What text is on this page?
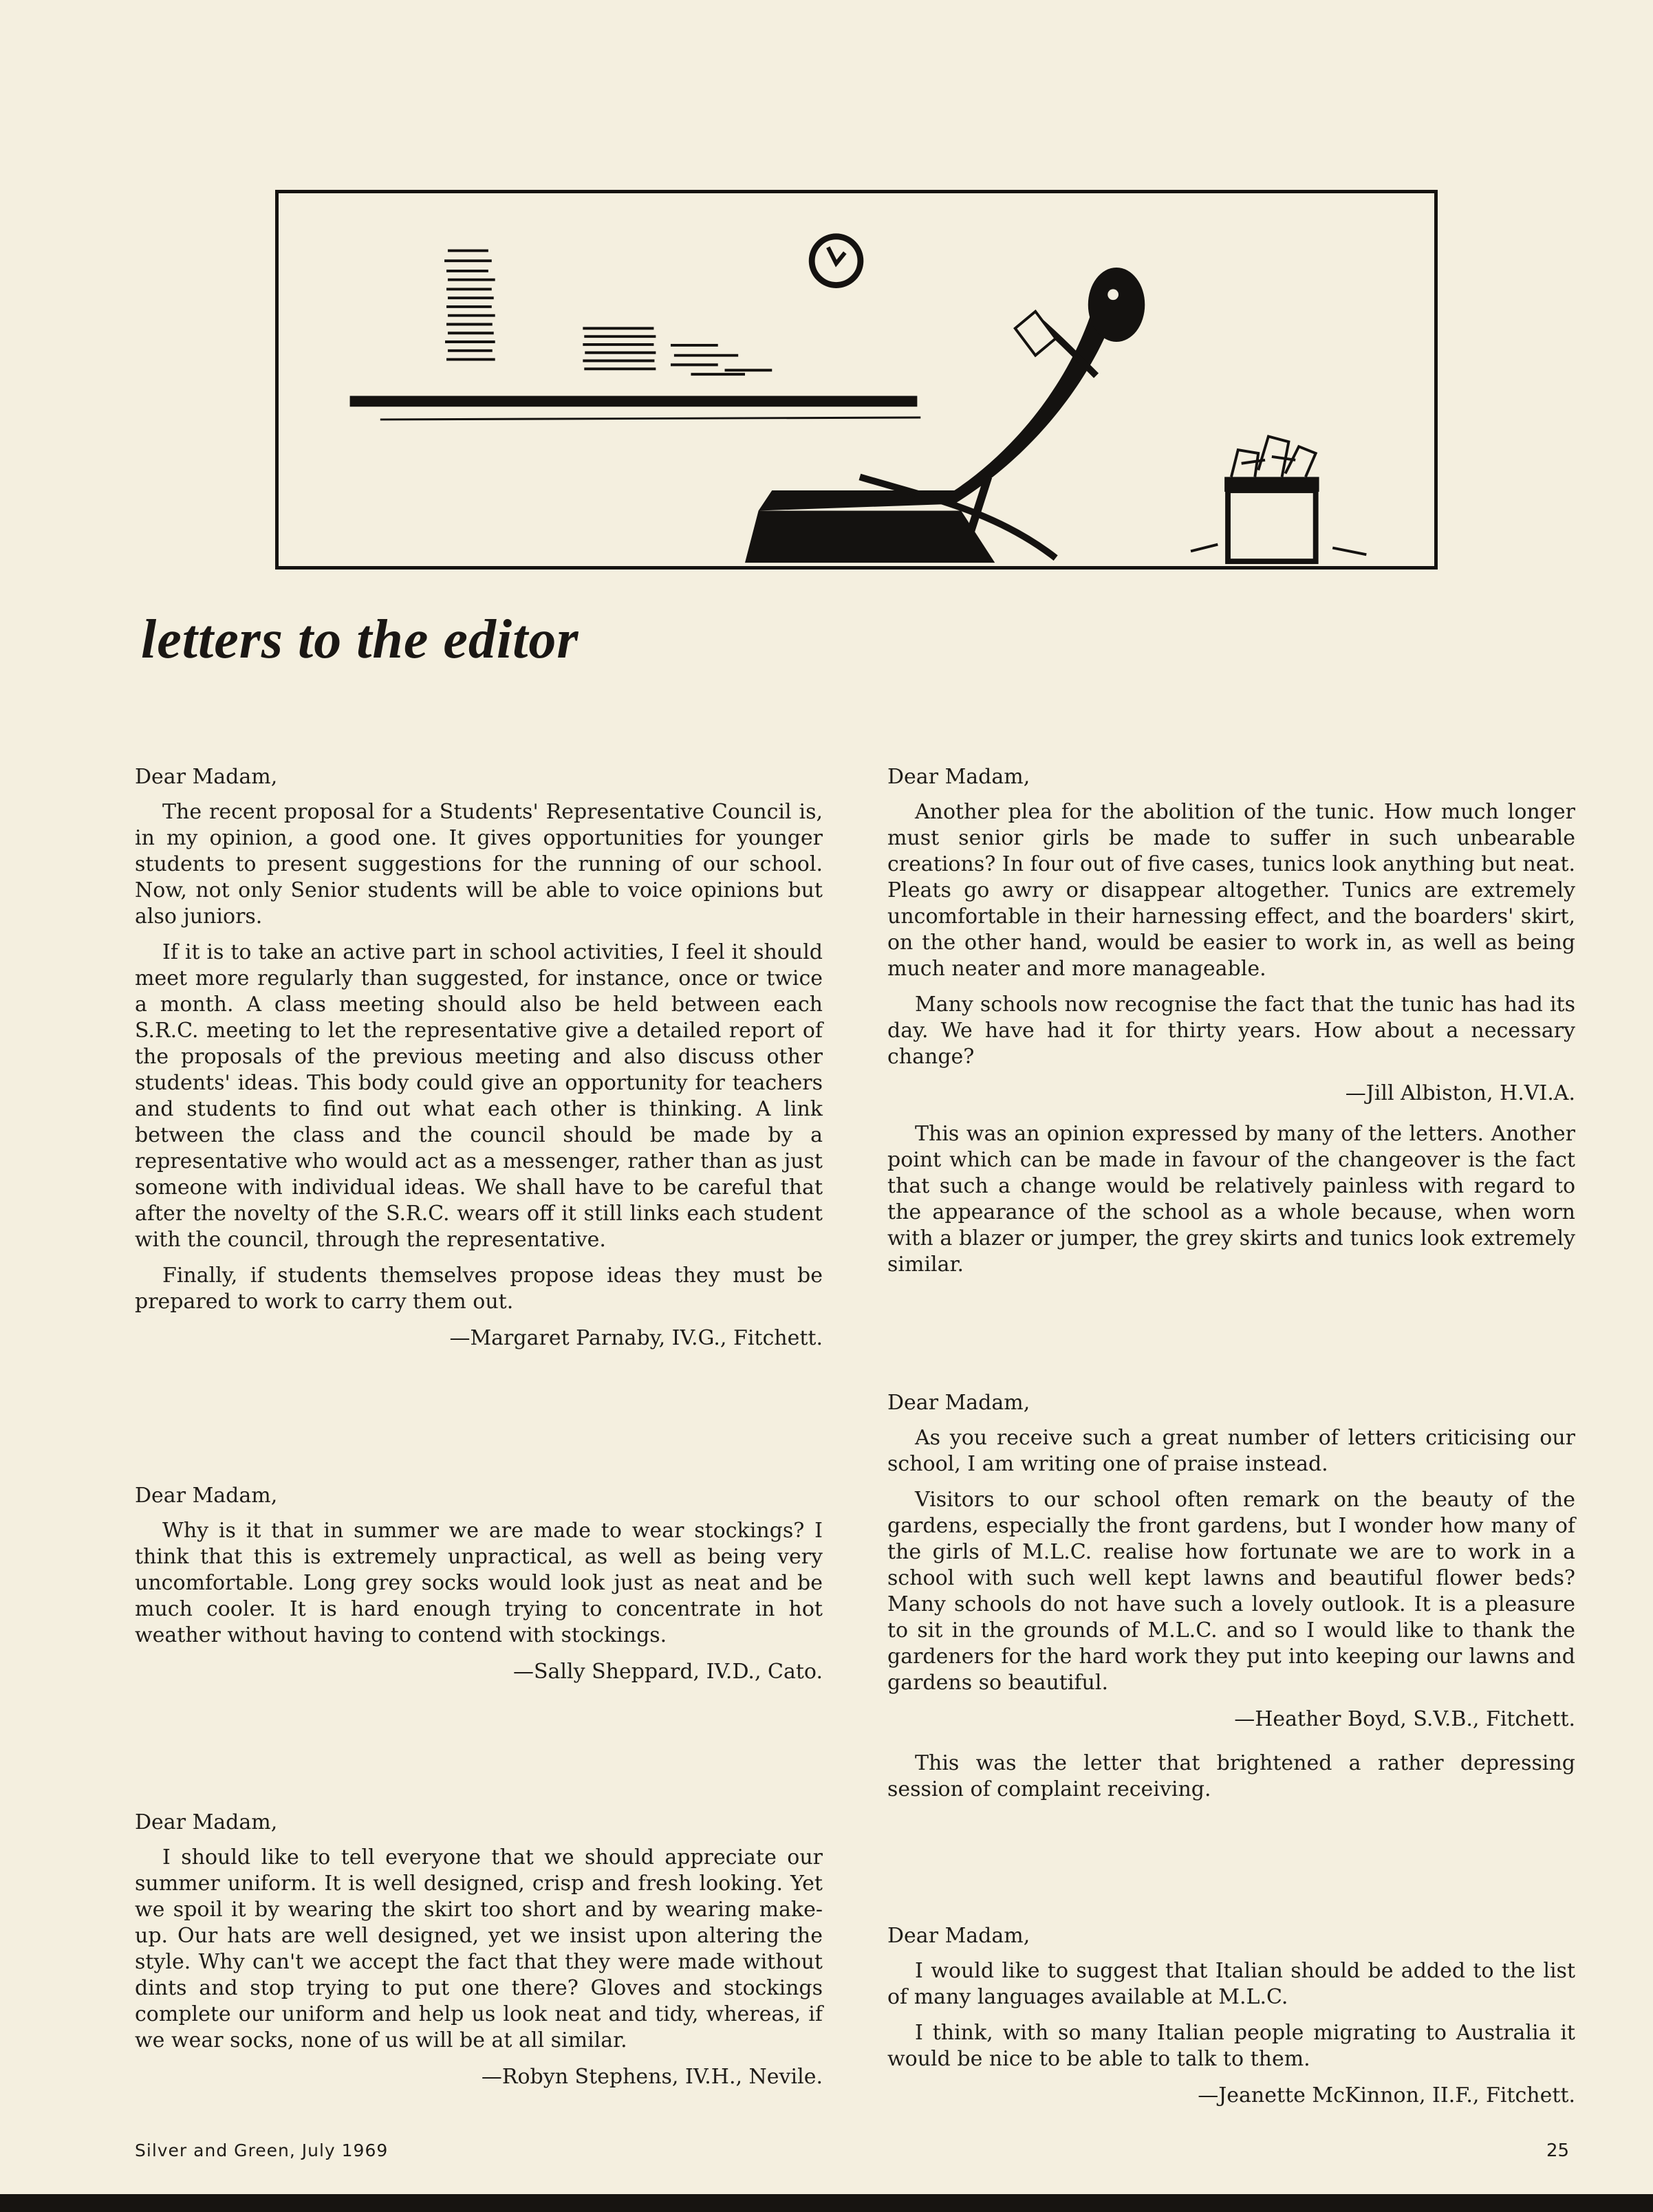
letters to the editor
Dear Madam,

The recent proposal for a Students' Representative Council is, in my opinion, a good one. It gives opportunities for younger students to present suggestions for the running of our school. Now, not only Senior students will be able to voice opinions but also juniors.

If it is to take an active part in school activities, I feel it should meet more regularly than suggested, for instance, once or twice a month. A class meeting should also be held between each S.R.C. meeting to let the representative give a detailed report of the proposals of the previous meeting and also discuss other students' ideas. This body could give an opportunity for teachers and students to find out what each other is thinking. A link between the class and the council should be made by a representative who would act as a messenger, rather than as just someone with individual ideas. We shall have to be careful that after the novelty of the S.R.C. wears off it still links each student with the council, through the representative.

Finally, if students themselves propose ideas they must be prepared to work to carry them out.

—Margaret Parnaby, IV.G., Fitchett.
Dear Madam,

Why is it that in summer we are made to wear stockings? I think that this is extremely unpractical, as well as being very uncomfortable. Long grey socks would look just as neat and be much cooler. It is hard enough trying to concentrate in hot weather without having to contend with stockings.

—Sally Sheppard, IV.D., Cato.
Dear Madam,

I should like to tell everyone that we should appreciate our summer uniform. It is well designed, crisp and fresh looking. Yet we spoil it by wearing the skirt too short and by wearing make-up. Our hats are well designed, yet we insist upon altering the style. Why can't we accept the fact that they were made without dints and stop trying to put one there? Gloves and stockings complete our uniform and help us look neat and tidy, whereas, if we wear socks, none of us will be at all similar.

—Robyn Stephens, IV.H., Nevile.
Dear Madam,

Another plea for the abolition of the tunic. How much longer must senior girls be made to suffer in such unbearable creations? In four out of five cases, tunics look anything but neat. Pleats go awry or disappear altogether. Tunics are extremely uncomfortable in their harnessing effect, and the boarders' skirt, on the other hand, would be easier to work in, as well as being much neater and more manageable.

Many schools now recognise the fact that the tunic has had its day. We have had it for thirty years. How about a necessary change?

—Jill Albiston, H.VI.A.

This was an opinion expressed by many of the letters. Another point which can be made in favour of the changeover is the fact that such a change would be relatively painless with regard to the appearance of the school as a whole because, when worn with a blazer or jumper, the grey skirts and tunics look extremely similar.

Dear Madam,

As you receive such a great number of letters criticising our school, I am writing one of praise instead.

Visitors to our school often remark on the beauty of the gardens, especially the front gardens, but I wonder how many of the girls of M.L.C. realise how fortunate we are to work in a school with such well kept lawns and beautiful flower beds? Many schools do not have such a lovely outlook. It is a pleasure to sit in the grounds of M.L.C. and so I would like to thank the gardeners for the hard work they put into keeping our lawns and gardens so beautiful.

—Heather Boyd, S.V.B., Fitchett.

This was the letter that brightened a rather depressing session of complaint receiving.

Dear Madam,

I would like to suggest that Italian should be added to the list of many languages available at M.L.C.

I think, with so many Italian people migrating to Australia it would be nice to be able to talk to them.

—Jeanette McKinnon, II.F., Fitchett.
Silver and Green, July 1969	25
